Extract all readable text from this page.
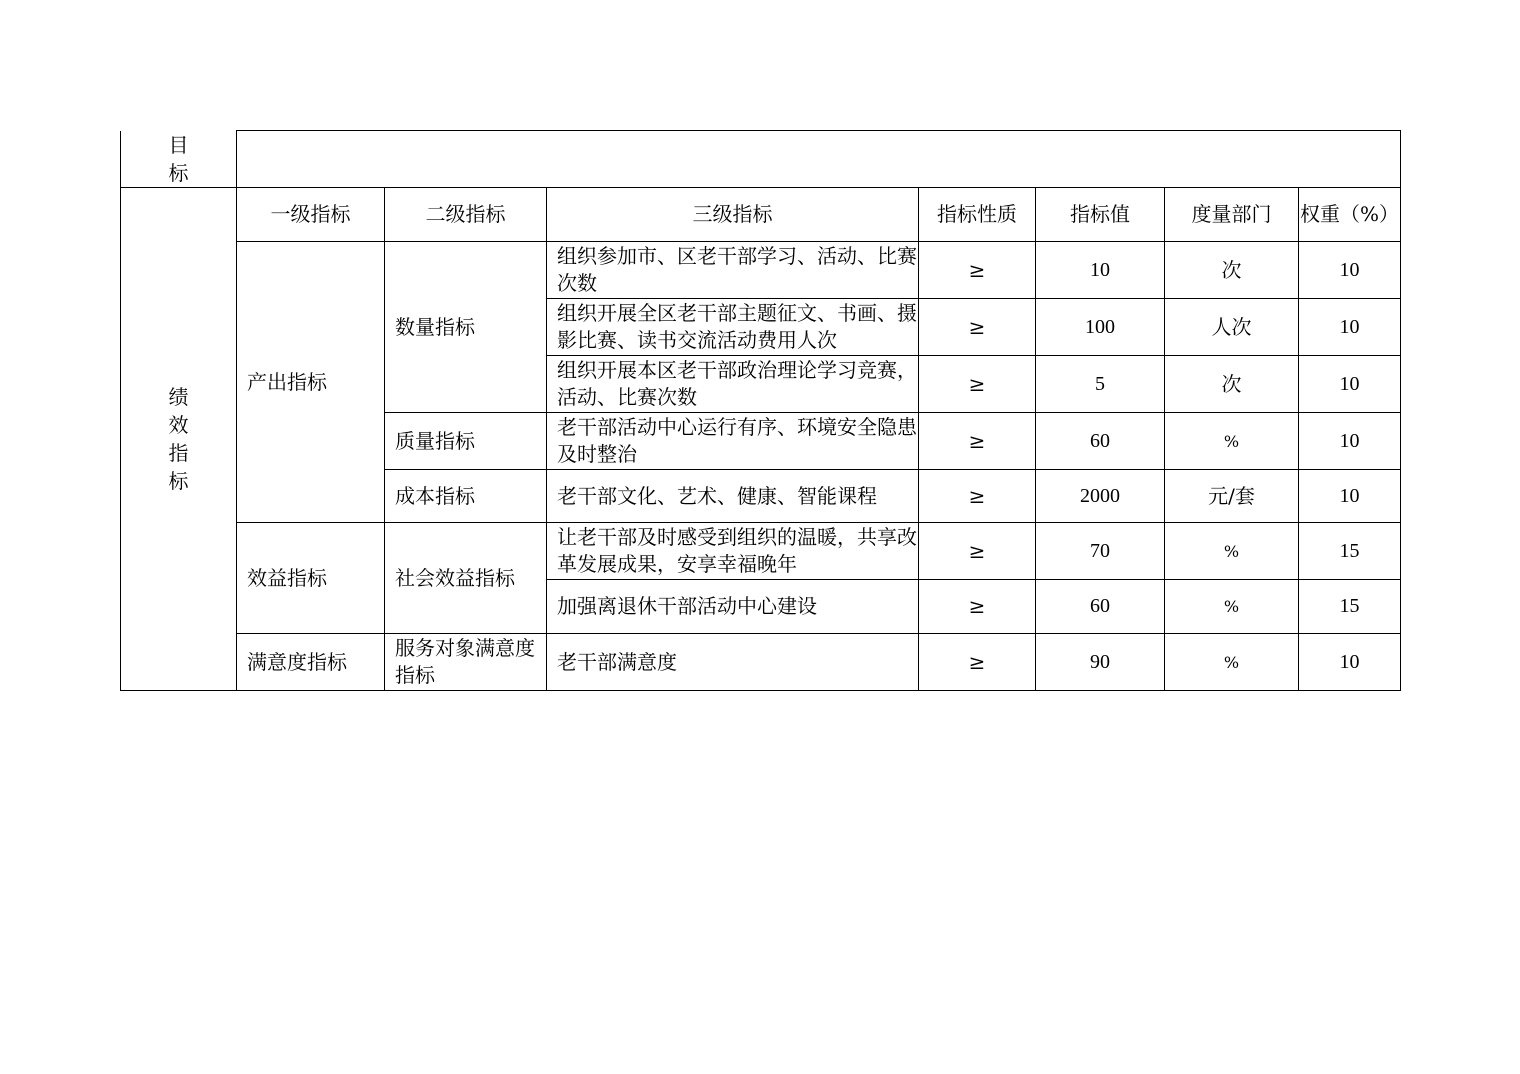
目
标							

绩
效
指
标	一级指标	二级指标	三级指标	指标性质	指标值	度量部门	权重（%）
	产出指标	数量指标	组织参加市、区老干部学习、活动、比赛次数	≥	10	次	10
			组织开展全区老干部主题征文、书画、摄影比赛、读书交流活动费用人次	≥	100	人次	10
			组织开展本区老干部政治理论学习竞赛，活动、比赛次数	≥	5	次	10
		质量指标	老干部活动中心运行有序、环境安全隐患及时整治	≥	60	%	10
		成本指标	老干部文化、艺术、健康、智能课程	≥	2000	元/套	10
	效益指标	社会效益指标	让老干部及时感受到组织的温暖，共享改革发展成果，安享幸福晚年	≥	70	%	15
			加强离退休干部活动中心建设	≥	60	%	15
	满意度指标	服务对象满意度指标	老干部满意度	≥	90	%	10
